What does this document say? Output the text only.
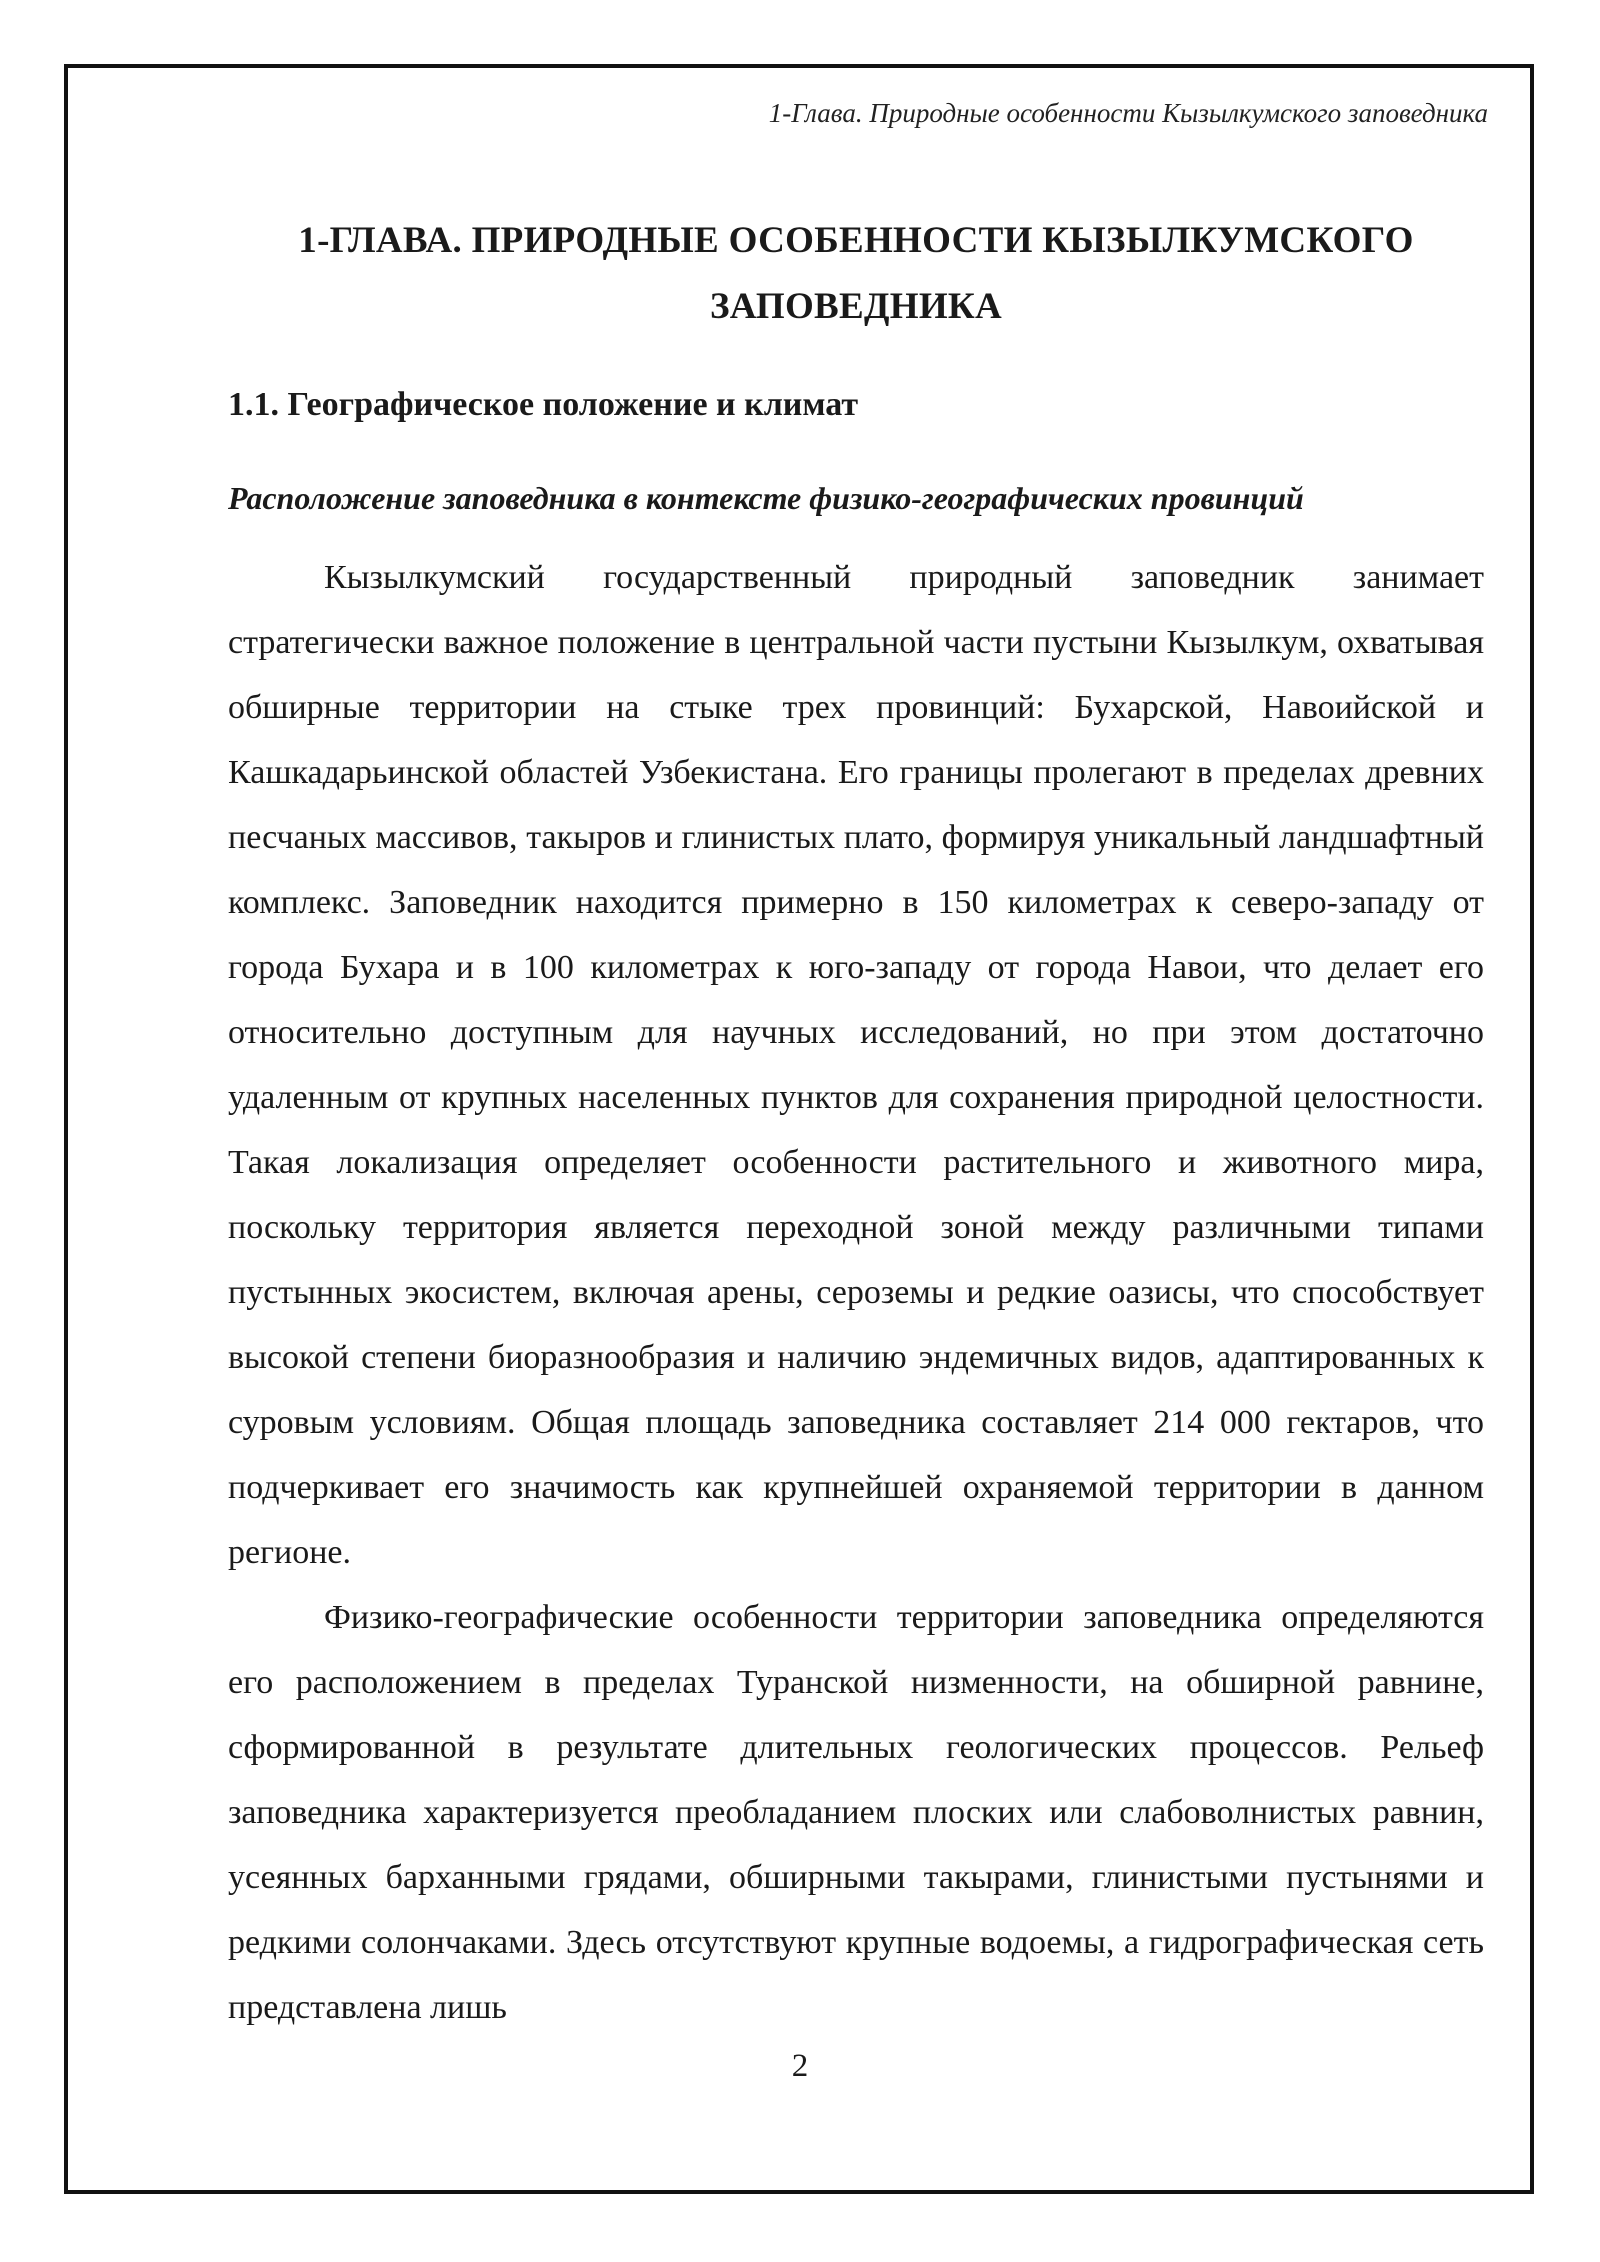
1-Глава. Природные особенности Кызылкумского заповедника
1-ГЛАВА. ПРИРОДНЫЕ ОСОБЕННОСТИ КЫЗЫЛКУМСКОГО
ЗАПОВЕДНИКА
1.1. Географическое положение и климат
Расположение заповедника в контексте физико-географических провинций

Кызылкумский государственный природный заповедник занимает стратегически важное положение в центральной части пустыни Кызылкум, охватывая обширные территории на стыке трех провинций: Бухарской, Навоийской и Кашкадарьинской областей Узбекистана. Его границы пролегают в пределах древних песчаных массивов, такыров и глинистых плато, формируя уникальный ландшафтный комплекс. Заповедник находится примерно в 150 километрах к северо-западу от города Бухара и в 100 километрах к юго-западу от города Навои, что делает его относительно доступным для научных исследований, но при этом достаточно удаленным от крупных населенных пунктов для сохранения природной целостности. Такая локализация определяет особенности растительного и животного мира, поскольку территория является переходной зоной между различными типами пустынных экосистем, включая арены, сероземы и редкие оазисы, что способствует высокой степени биоразнообразия и наличию эндемичных видов, адаптированных к суровым условиям. Общая площадь заповедника составляет 214 000 гектаров, что подчеркивает его значимость как крупнейшей охраняемой территории в данном регионе.

Физико-географические особенности территории заповедника определяются его расположением в пределах Туранской низменности, на обширной равнине, сформированной в результате длительных геологических процессов. Рельеф заповедника характеризуется преобладанием плоских или слабоволнистых равнин, усеянных барханными грядами, обширными такырами, глинистыми пустынями и редкими солончаками. Здесь отсутствуют крупные водоемы, а гидрографическая сеть представлена лишь

2
